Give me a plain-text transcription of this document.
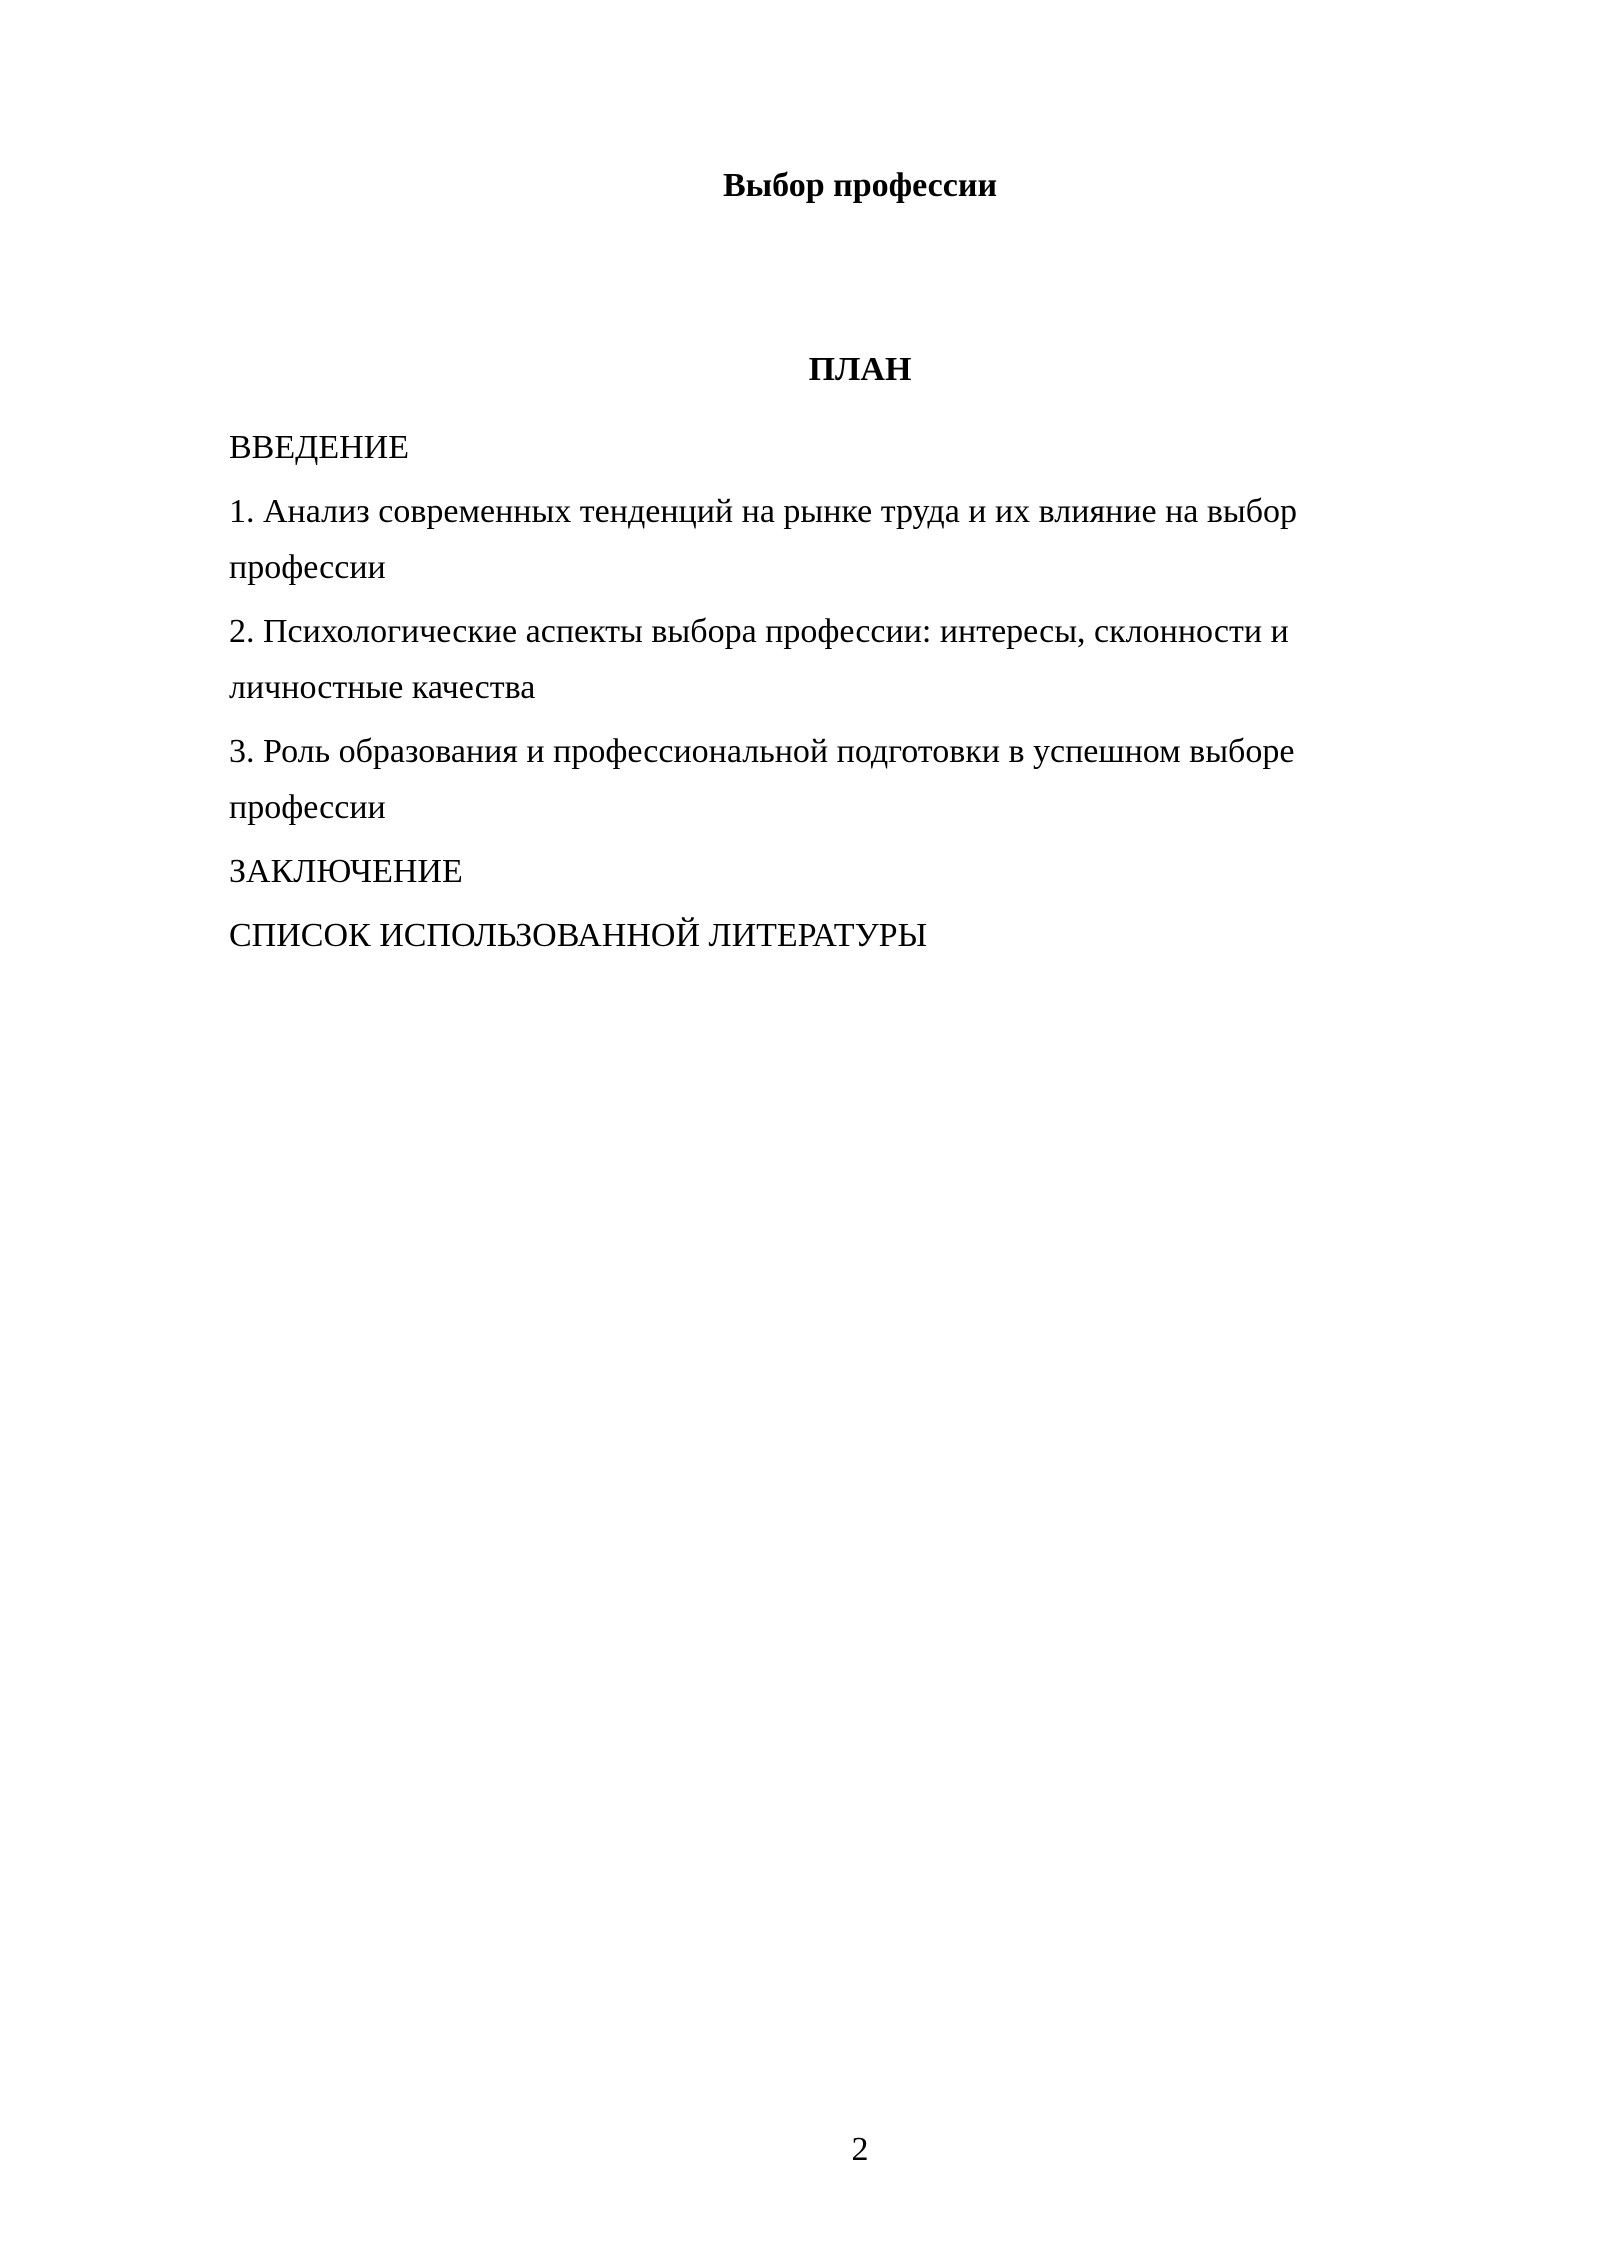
Выбор профессии
ПЛАН
ВВЕДЕНИЕ
1. Анализ современных тенденций на рынке труда и их влияние на выбор профессии
2. Психологические аспекты выбора профессии: интересы, склонности и личностные качества
3. Роль образования и профессиональной подготовки в успешном выборе профессии
ЗАКЛЮЧЕНИЕ
СПИСОК ИСПОЛЬЗОВАННОЙ ЛИТЕРАТУРЫ
2
